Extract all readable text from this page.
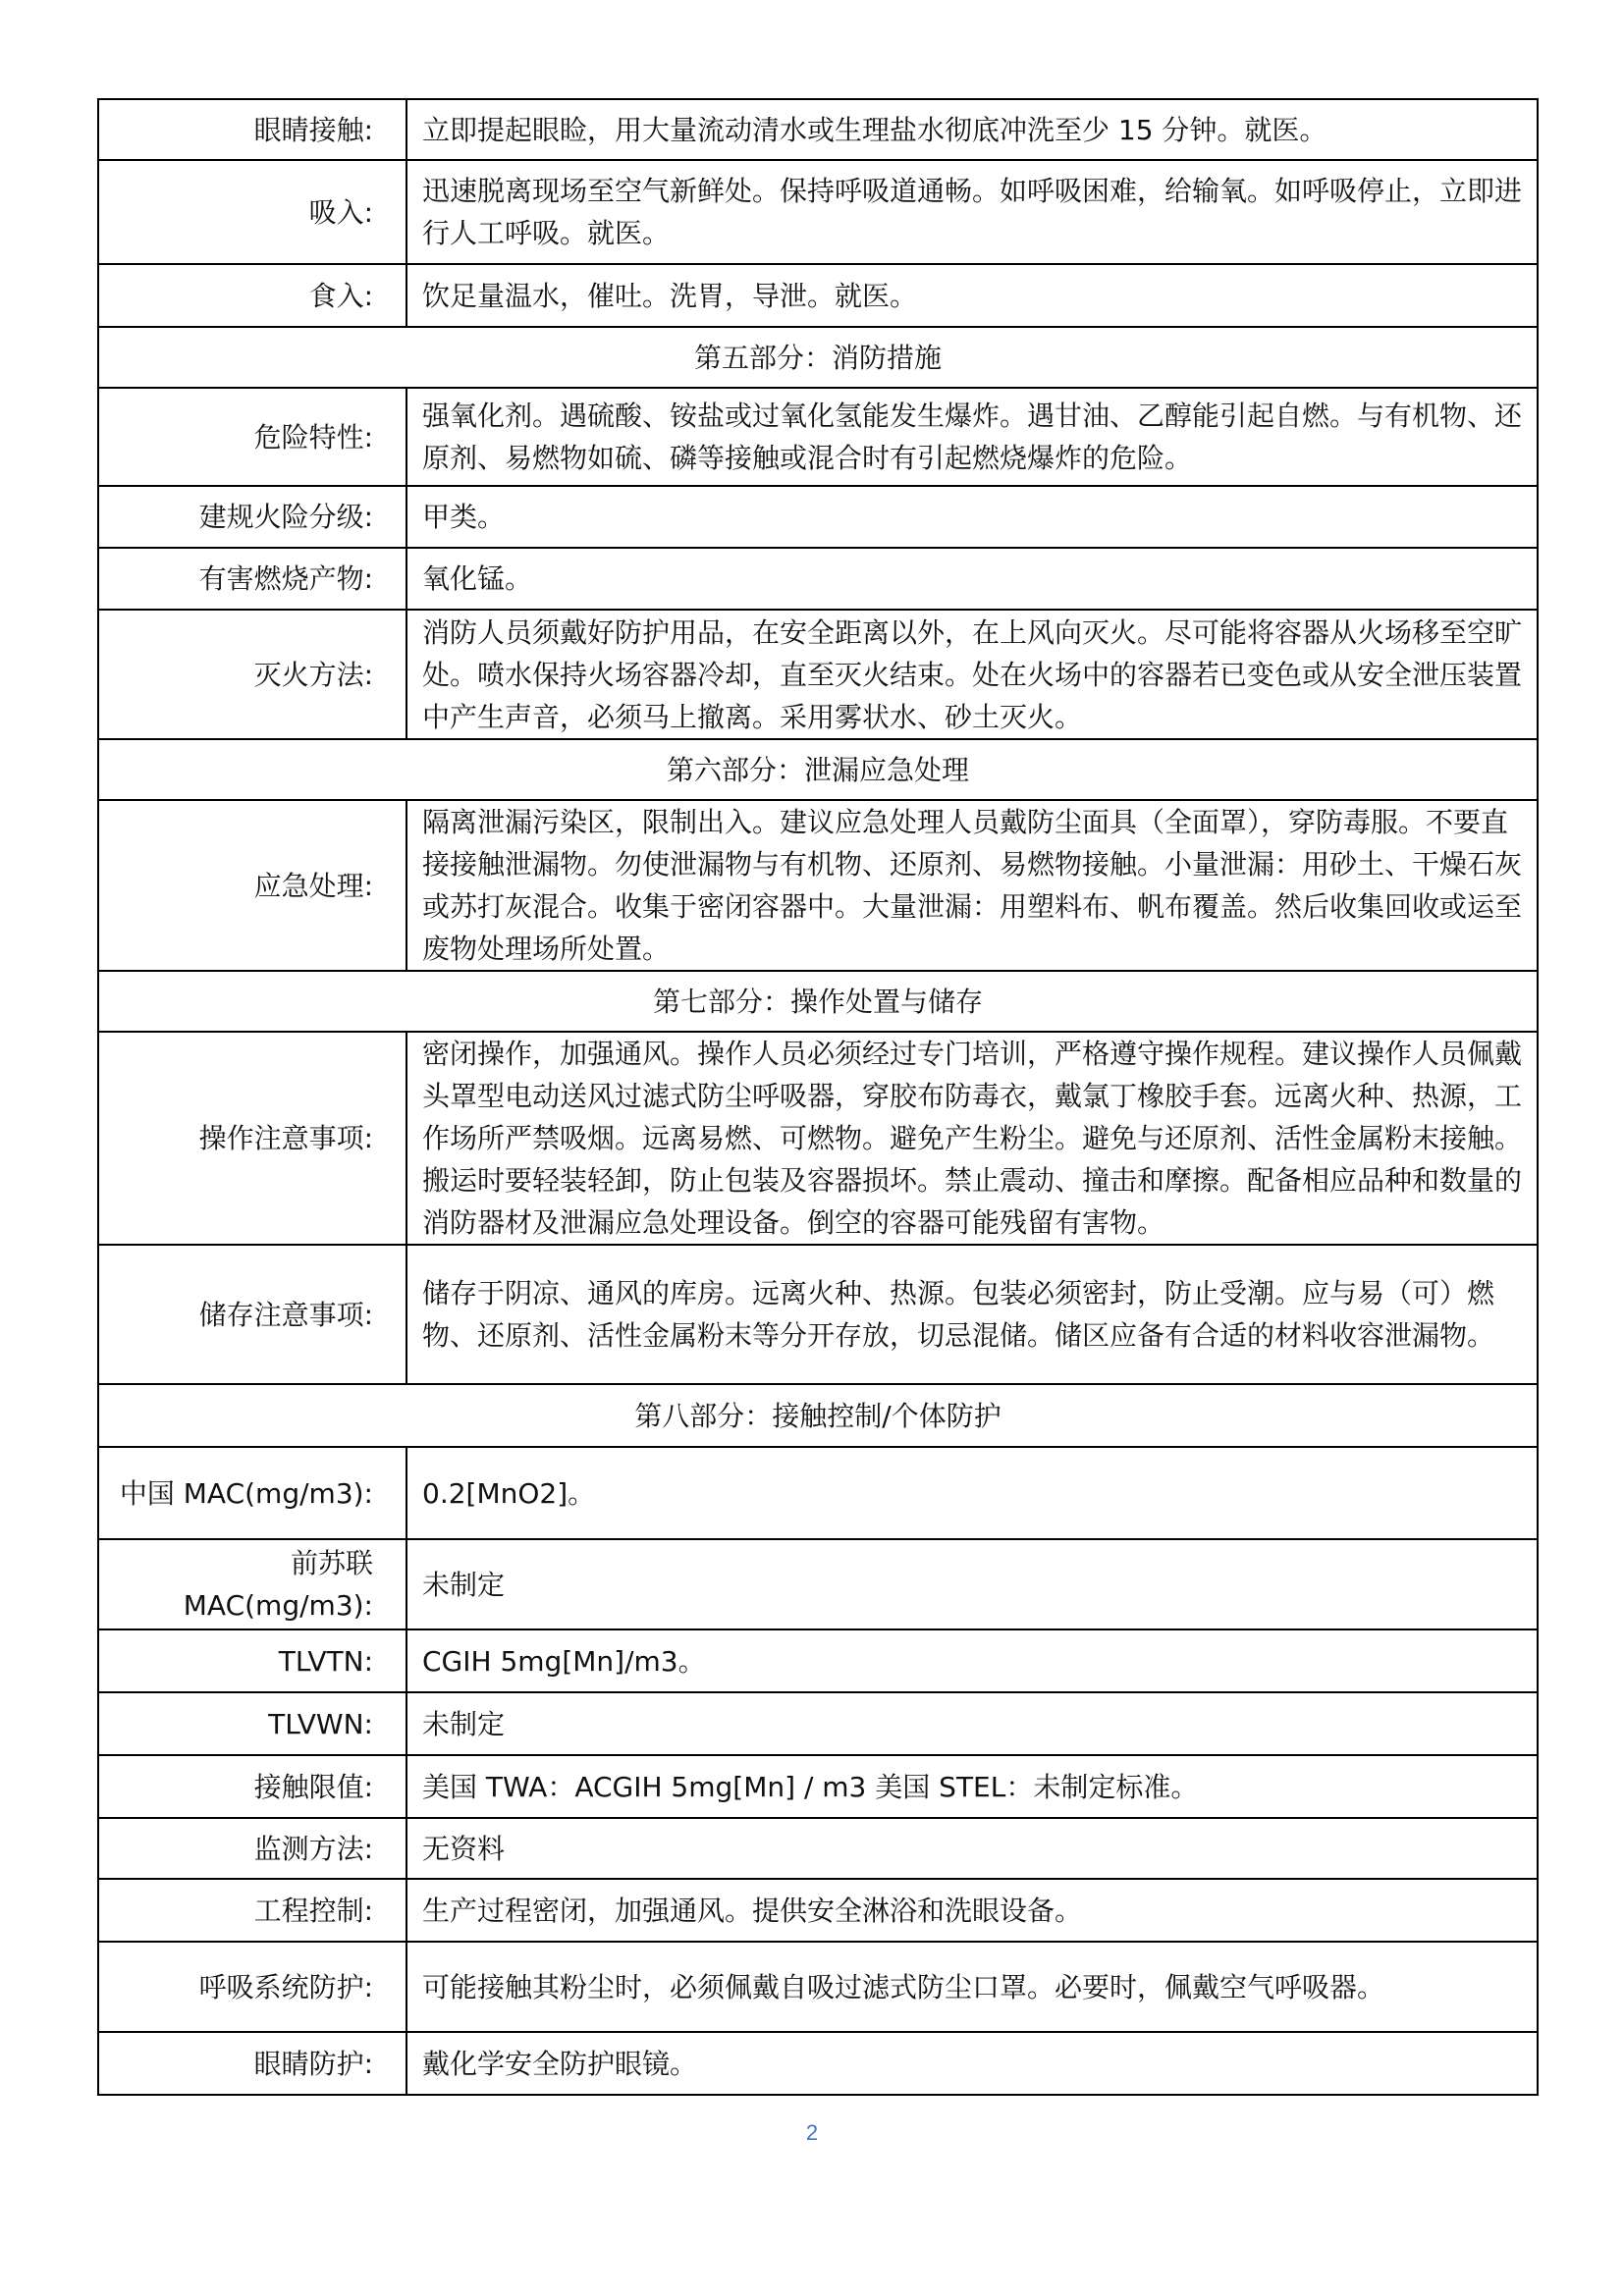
眼睛接触:	立即提起眼睑，用大量流动清水或生理盐水彻底冲洗至少 15 分钟。就医。
吸入:	迅速脱离现场至空气新鲜处。保持呼吸道通畅。如呼吸困难，给输氧。如呼吸停止，立即进行人工呼吸。就医。
食入:	饮足量温水，催吐。洗胃，导泄。就医。
第五部分：消防措施	
危险特性:	强氧化剂。遇硫酸、铵盐或过氧化氢能发生爆炸。遇甘油、乙醇能引起自燃。与有机物、还原剂、易燃物如硫、磷等接触或混合时有引起燃烧爆炸的危险。
建规火险分级:	甲类。
有害燃烧产物:	氧化锰。
灭火方法:	消防人员须戴好防护用品，在安全距离以外，在上风向灭火。尽可能将容器从火场移至空旷处。喷水保持火场容器冷却，直至灭火结束。处在火场中的容器若已变色或从安全泄压装置中产生声音，必须马上撤离。采用雾状水、砂土灭火。
第六部分：泄漏应急处理	
应急处理:	隔离泄漏污染区，限制出入。建议应急处理人员戴防尘面具（全面罩），穿防毒服。不要直接接触泄漏物。勿使泄漏物与有机物、还原剂、易燃物接触。小量泄漏：用砂土、干燥石灰或苏打灰混合。收集于密闭容器中。大量泄漏：用塑料布、帆布覆盖。然后收集回收或运至废物处理场所处置。
第七部分：操作处置与储存	
操作注意事项:	密闭操作，加强通风。操作人员必须经过专门培训，严格遵守操作规程。建议操作人员佩戴头罩型电动送风过滤式防尘呼吸器，穿胶布防毒衣，戴氯丁橡胶手套。远离火种、热源，工作场所严禁吸烟。远离易燃、可燃物。避免产生粉尘。避免与还原剂、活性金属粉末接触。搬运时要轻装轻卸，防止包装及容器损坏。禁止震动、撞击和摩擦。配备相应品种和数量的消防器材及泄漏应急处理设备。倒空的容器可能残留有害物。
储存注意事项:	储存于阴凉、通风的库房。远离火种、热源。包装必须密封，防止受潮。应与易（可）燃物、还原剂、活性金属粉末等分开存放，切忌混储。储区应备有合适的材料收容泄漏物。
第八部分：接触控制/个体防护	
中国 MAC(mg/m3):	0.2[MnO2]。
前苏联 MAC(mg/m3):	未制定
TLVTN:	CGIH 5mg[Mn]/m3。
TLVWN:	未制定
接触限值:	美国 TWA：ACGIH 5mg[Mn] / m3 美国 STEL：未制定标准。
监测方法:	无资料
工程控制:	生产过程密闭，加强通风。提供安全淋浴和洗眼设备。
呼吸系统防护:	可能接触其粉尘时，必须佩戴自吸过滤式防尘口罩。必要时，佩戴空气呼吸器。
眼睛防护:	戴化学安全防护眼镜。
2
